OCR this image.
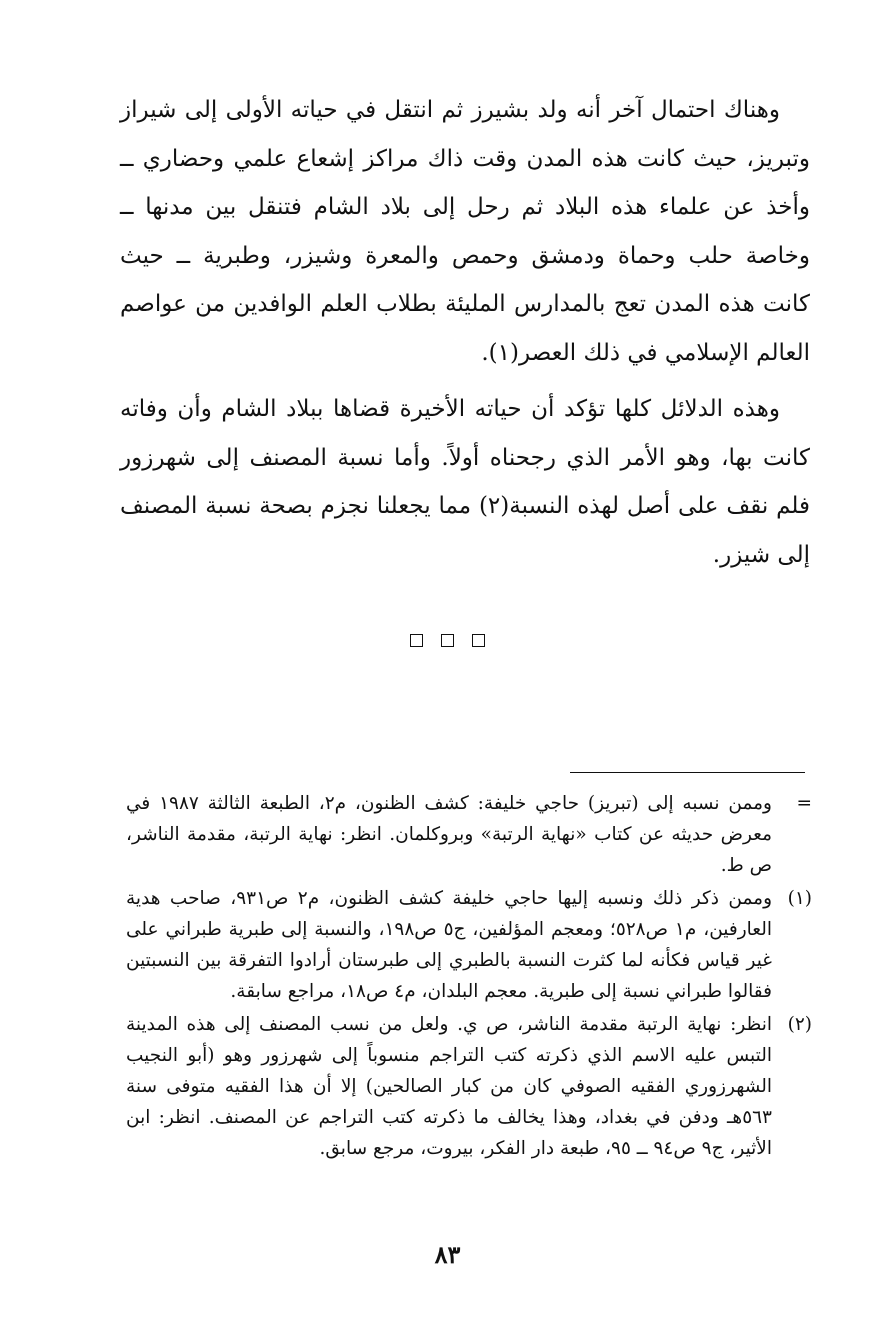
وهناك احتمال آخر أنه ولد بشيرز ثم انتقل في حياته الأولى إلى شيراز وتبريز، حيث كانت هذه المدن وقت ذاك مراكز إشعاع علمي وحضاري ــ وأخذ عن علماء هذه البلاد ثم رحل إلى بلاد الشام فتنقل بين مدنها ــ وخاصة حلب وحماة ودمشق وحمص والمعرة وشيزر، وطبرية ــ حيث كانت هذه المدن تعج بالمدارس المليئة بطلاب العلم الوافدين من عواصم العالم الإسلامي في ذلك العصر(١).

وهذه الدلائل كلها تؤكد أن حياته الأخيرة قضاها ببلاد الشام وأن وفاته كانت بها، وهو الأمر الذي رجحناه أولاً. وأما نسبة المصنف إلى شهرزور فلم نقف على أصل لهذه النسبة(٢) مما يجعلنا نجزم بصحة نسبة المصنف إلى شيزر.

=
وممن نسبه إلى (تبريز) حاجي خليفة: كشف الظنون، م٢، الطبعة الثالثة ١٩٨٧ في معرض حديثه عن كتاب «نهاية الرتبة» وبروكلمان. انظر: نهاية الرتبة، مقدمة الناشر، ص ط.
(١)
وممن ذكر ذلك ونسبه إليها حاجي خليفة كشف الظنون، م٢ ص٩٣١، صاحب هدية العارفين، م١ ص٥٢٨؛ ومعجم المؤلفين، ج٥ ص١٩٨، والنسبة إلى طبرية طبراني على غير قياس فكأنه لما كثرت النسبة بالطبري إلى طبرستان أرادوا التفرقة بين النسبتين فقالوا طبراني نسبة إلى طبرية. معجم البلدان، م٤ ص١٨، مراجع سابقة.
(٢)
انظر: نهاية الرتبة مقدمة الناشر، ص ي. ولعل من نسب المصنف إلى هذه المدينة التبس عليه الاسم الذي ذكرته كتب التراجم منسوباً إلى شهرزور وهو (أبو النجيب الشهرزوري الفقيه الصوفي كان من كبار الصالحين) إلا أن هذا الفقيه متوفى سنة ٥٦٣هـ ودفن في بغداد، وهذا يخالف ما ذكرته كتب التراجم عن المصنف. انظر: ابن الأثير، ج٩ ص٩٤ ــ ٩٥، طبعة دار الفكر، بيروت، مرجع سابق.
٨٣
